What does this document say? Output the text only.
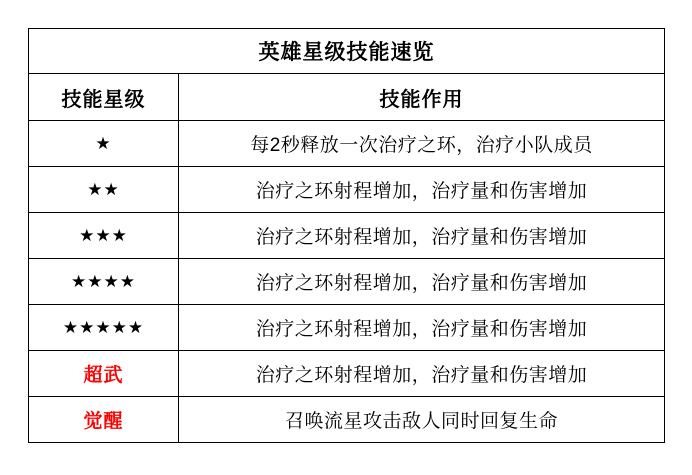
英雄星级技能速览	
技能星级	技能作用
★	每2秒释放一次治疗之环，治疗小队成员
★★	治疗之环射程增加，治疗量和伤害增加
★★★	治疗之环射程增加，治疗量和伤害增加
★★★★	治疗之环射程增加，治疗量和伤害增加
★★★★★	治疗之环射程增加，治疗量和伤害增加
超武	治疗之环射程增加，治疗量和伤害增加
觉醒	召唤流星攻击敌人同时回复生命
